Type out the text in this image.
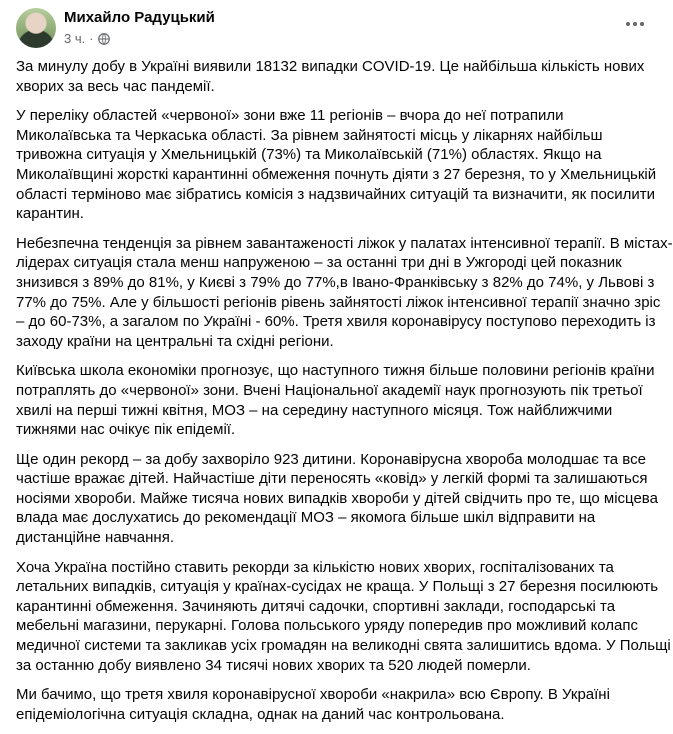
Михайло Радуцький
3 ч. ·

За минулу добу в Україні виявили 18132 випадки COVID-19. Це найбільша кількість нових
хворих за весь час пандемії.

У переліку областей «червоної» зони вже 11 регіонів – вчора до неї потрапили
Миколаївська та Черкаська області. За рівнем зайнятості місць у лікарнях найбільш
тривожна ситуація у Хмельницькій (73%) та Миколаївській (71%) областях. Якщо на
Миколаївщині жорсткі карантинні обмеження почнуть діяти з 27 березня, то у Хмельницькій
області терміново має зібратись комісія з надзвичайних ситуацій та визначити, як посилити
карантин.

Небезпечна тенденція за рівнем завантаженості ліжок у палатах інтенсивної терапії. В містах-
лідерах ситуація стала менш напруженою – за останні три дні в Ужгороді цей показник
знизився з 89% до 81%, у Києві з 79% до 77%,в Івано-Франківську з 82% до 74%, у Львові з
77% до 75%. Але у більшості регіонів рівень зайнятості ліжок інтенсивної терапії значно зріс
– до 60-73%, а загалом по Україні - 60%. Третя хвиля коронавірусу поступово переходить із
заходу країни на центральні та східні регіони.

Київська школа економіки прогнозує, що наступного тижня більше половини регіонів країни
потраплять до «червоної» зони. Вчені Національної академії наук прогнозують пік третьої
хвилі на перші тижні квітня, МОЗ – на середину наступного місяця. Тож найближчими
тижнями нас очікує пік епідемії.

Ще один рекорд – за добу захворіло 923 дитини. Коронавірусна хвороба молодшає та все
частіше вражає дітей. Найчастіше діти переносять «ковід» у легкій формі та залишаються
носіями хвороби. Майже тисяча нових випадків хвороби у дітей свідчить про те, що місцева
влада має дослухатись до рекомендації МОЗ – якомога більше шкіл відправити на
дистанційне навчання.

Хоча Україна постійно ставить рекорди за кількістю нових хворих, госпіталізованих та
летальних випадків, ситуація у країнах-сусідах не краща. У Польщі з 27 березня посилюють
карантинні обмеження. Зачиняють дитячі садочки, спортивні заклади, господарські та
мебельні магазини, перукарні. Голова польського уряду попередив про можливий колапс
медичної системи та закликав усіх громадян на великодні свята залишитись вдома. У Польщі
за останню добу виявлено 34 тисячі нових хворих та 520 людей померли.

Ми бачимо, що третя хвиля коронавірусної хвороби «накрила» всю Європу. В Україні
епідеміологічна ситуація складна, однак на даний час контрольована.
